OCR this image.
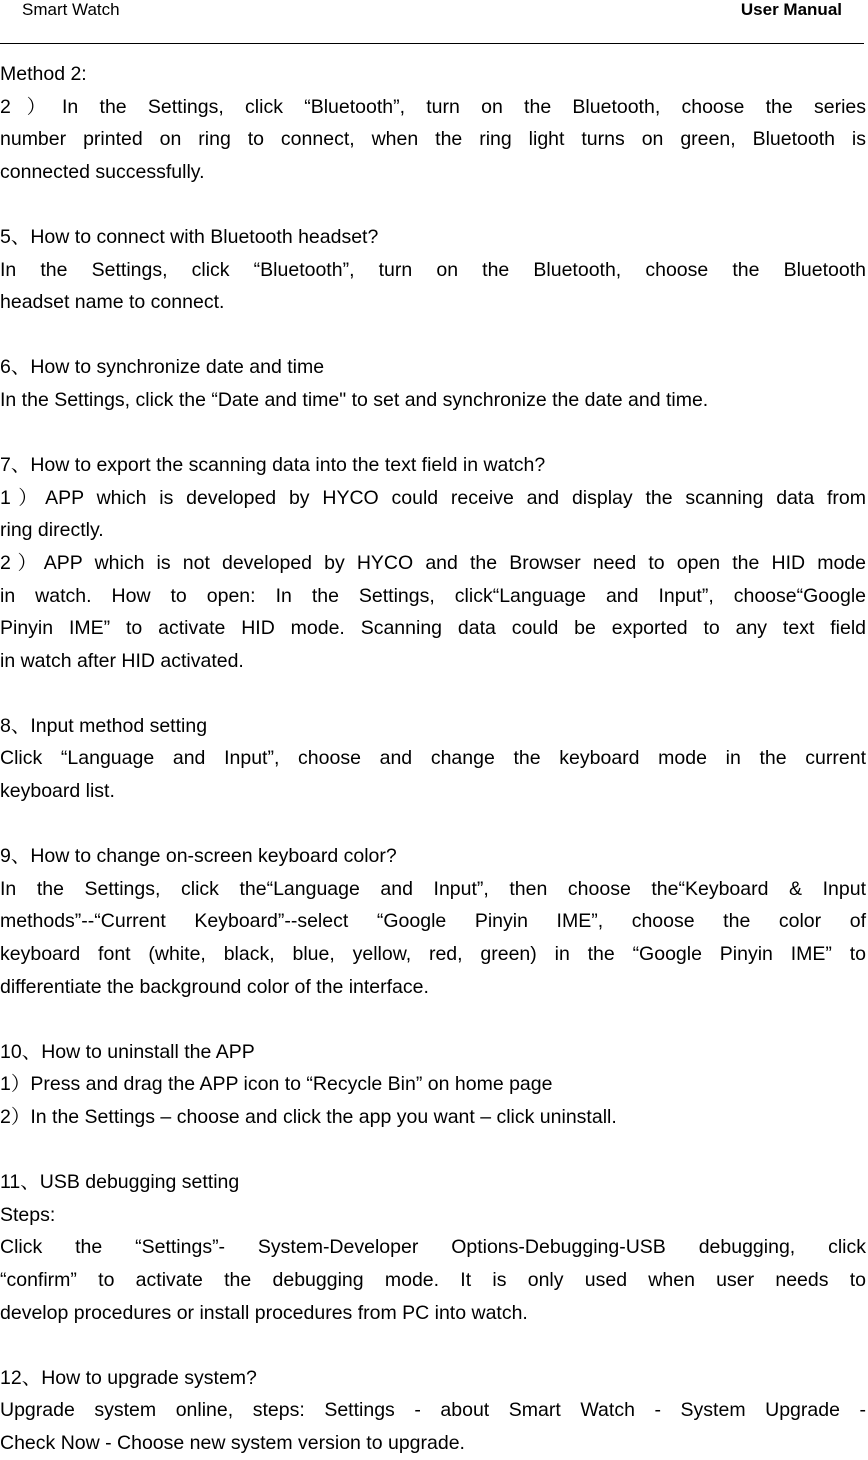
Smart Watch	User Manual
Method 2:
2）In the Settings, click “Bluetooth”, turn on the Bluetooth, choose the series
number printed on ring to connect, when the ring light turns on green, Bluetooth is
connected successfully.
5、How to connect with Bluetooth headset?
In the Settings, click “Bluetooth”, turn on the Bluetooth, choose the Bluetooth
headset name to connect.
6、How to synchronize date and time
In the Settings, click the “Date and time" to set and synchronize the date and time.
7、How to export the scanning data into the text field in watch?
1）APP which is developed by HYCO could receive and display the scanning data from
ring directly.
2）APP which is not developed by HYCO and the Browser need to open the HID mode
in watch. How to open: In the Settings, click“Language and Input”, choose“Google
Pinyin IME” to activate HID mode. Scanning data could be exported to any text field
in watch after HID activated.
8、Input method setting
Click “Language and Input”, choose and change the keyboard mode in the current
keyboard list.
9、How to change on-screen keyboard color?
In the Settings, click the“Language and Input”, then choose the“Keyboard & Input
methods”--“Current Keyboard”--select “Google Pinyin IME”, choose the color of
keyboard font (white, black, blue, yellow, red, green) in the “Google Pinyin IME” to
differentiate the background color of the interface.
10、How to uninstall the APP
1）Press and drag the APP icon to “Recycle Bin” on home page
2）In the Settings – choose and click the app you want – click uninstall.
11、USB debugging setting
Steps:
Click the “Settings”- System-Developer Options-Debugging-USB debugging, click
“confirm” to activate the debugging mode. It is only used when user needs to
develop procedures or install procedures from PC into watch.
12、How to upgrade system?
Upgrade system online, steps: Settings - about Smart Watch - System Upgrade -
Check Now - Choose new system version to upgrade.
